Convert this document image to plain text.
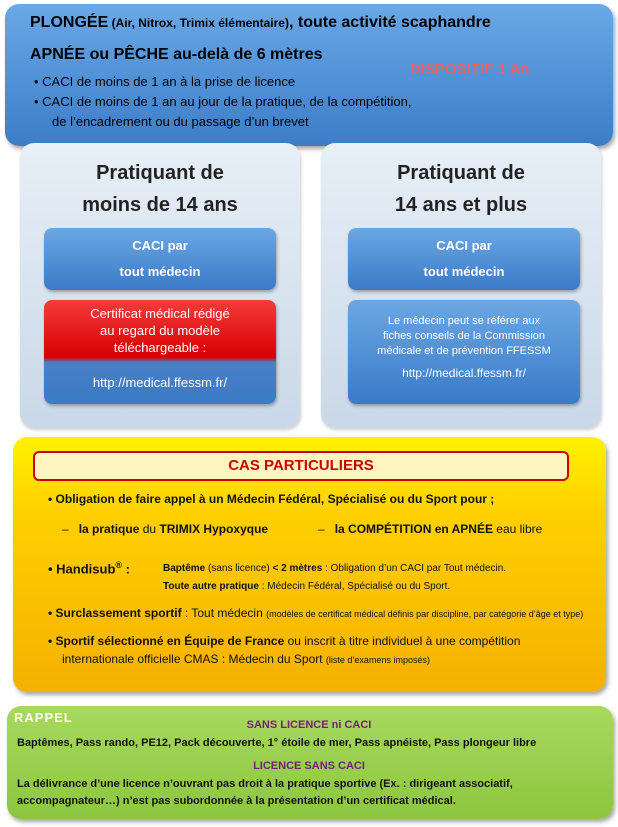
PLONGÉE (Air, Nitrox, Trimix élémentaire), toute activité scaphandre
APNÉE ou PÊCHE au-delà de 6 mètres
DISPOSITIF 1 An
• CACI de moins de 1 an à la prise de licence
• CACI de moins de 1 an au jour de la pratique, de la compétition,
de l’encadrement ou du passage d’un brevet
Pratiquant de
moins de 14 ans
CACI par
tout médecin
Certificat médical rédigé
au regard du modèle
téléchargeable :
http://medical.ffessm.fr/
Pratiquant de
14 ans et plus
CACI par
tout médecin
Le médecin peut se référer aux
fiches conseils de la Commission
médicale et de prévention FFESSM
http://medical.ffessm.fr/
CAS PARTICULIERS
• Obligation de faire appel à un Médecin Fédéral, Spécialisé ou du Sport pour ;
– la pratique du TRIMIX Hypoxyque	– la COMPÉTITION en APNÉE eau libre
• Handisub® :	Baptême (sans licence) < 2 mètres : Obligation d’un CACI par Tout médecin.
Toute autre pratique : Médecin Fédéral, Spécialisé ou du Sport.
• Surclassement sportif : Tout médecin (modèles de certificat médical définis par discipline, par catégorie d’âge et type)
• Sportif sélectionné en Équipe de France ou inscrit à titre individuel à une compétition
internationale officielle CMAS : Médecin du Sport (liste d’examens imposés)
RAPPEL	SANS LICENCE ni CACI
Baptêmes, Pass rando, PE12, Pack découverte, 1° étoile de mer, Pass apnéiste, Pass plongeur libre
LICENCE SANS CACI
La délivrance d’une licence n’ouvrant pas droit à la pratique sportive (Ex. : dirigeant associatif,
accompagnateur…) n’est pas subordonnée à la présentation d’un certificat médical.
